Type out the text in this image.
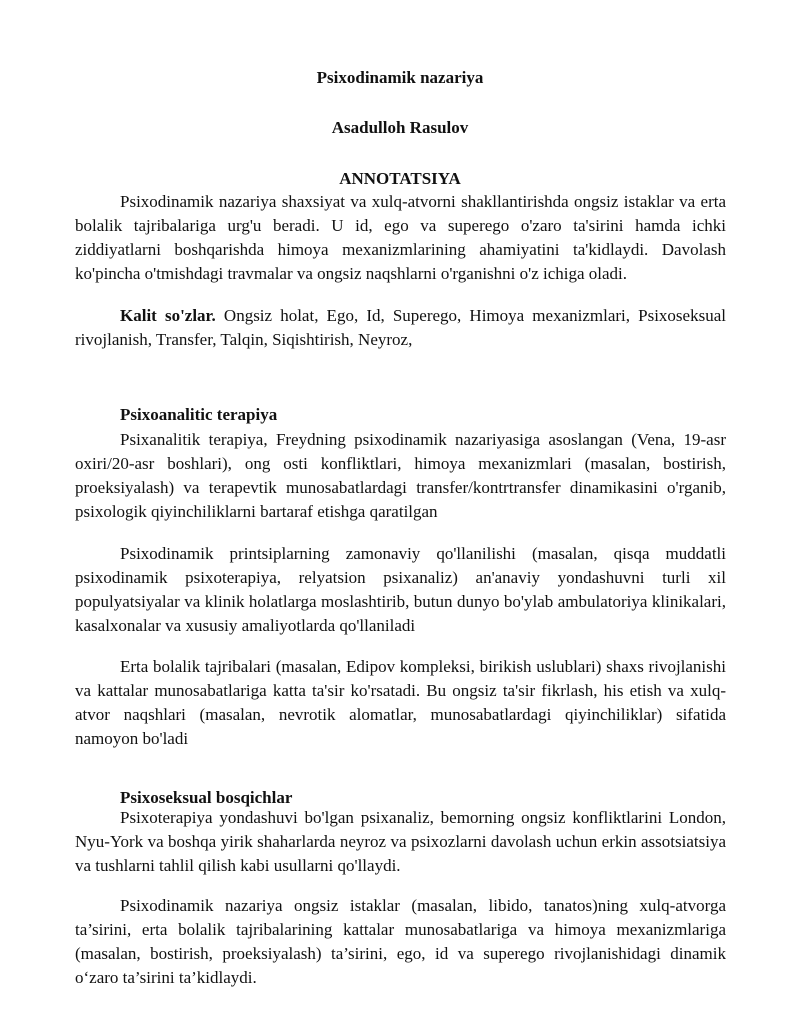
Psixodinamik nazariya
Asadulloh Rasulov
ANNOTATSIYA

Psixodinamik nazariya shaxsiyat va xulq-atvorni shakllantirishda ongsiz istaklar va erta bolalik tajribalariga urg'u beradi. U id, ego va superego o'zaro ta'sirini hamda ichki ziddiyatlarni boshqarishda himoya mexanizmlarining ahamiyatini ta'kidlaydi. Davolash ko'pincha o'tmishdagi travmalar va ongsiz naqshlarni o'rganishni o'z ichiga oladi.

Kalit so'zlar. Ongsiz holat, Ego, Id, Superego, Himoya mexanizmlari, Psixoseksual rivojlanish, Transfer, Talqin, Siqishtirish, Neyroz,

Psixoanalitic terapiya

Psixanalitik terapiya, Freydning psixodinamik nazariyasiga asoslangan (Vena, 19-asr oxiri/20-asr boshlari), ong osti konfliktlari, himoya mexanizmlari (masalan, bostirish, proeksiyalash) va terapevtik munosabatlardagi transfer/kontrtransfer dinamikasini o'rganib, psixologik qiyinchiliklarni bartaraf etishga qaratilgan

Psixodinamik printsiplarning zamonaviy qo'llanilishi (masalan, qisqa muddatli psixodinamik psixoterapiya, relyatsion psixanaliz) an'anaviy yondashuvni turli xil populyatsiyalar va klinik holatlarga moslashtirib, butun dunyo bo'ylab ambulatoriya klinikalari, kasalxonalar va xususiy amaliyotlarda qo'llaniladi

Erta bolalik tajribalari (masalan, Edipov kompleksi, birikish uslublari) shaxs rivojlanishi va kattalar munosabatlariga katta ta'sir ko'rsatadi. Bu ongsiz ta'sir fikrlash, his etish va xulq-atvor naqshlari (masalan, nevrotik alomatlar, munosabatlardagi qiyinchiliklar) sifatida namoyon bo'ladi

Psixoseksual bosqichlar

Psixoterapiya yondashuvi bo'lgan psixanaliz, bemorning ongsiz konfliktlarini London, Nyu-York va boshqa yirik shaharlarda neyroz va psixozlarni davolash uchun erkin assotsiatsiya va tushlarni tahlil qilish kabi usullarni qo'llaydi.

Psixodinamik nazariya ongsiz istaklar (masalan, libido, tanatos)ning xulq-atvorga ta’sirini, erta bolalik tajribalarining kattalar munosabatlariga va himoya mexanizmlariga (masalan, bostirish, proeksiyalash) ta’sirini, ego, id va superego rivojlanishidagi dinamik o‘zaro ta’sirini ta’kidlaydi.
